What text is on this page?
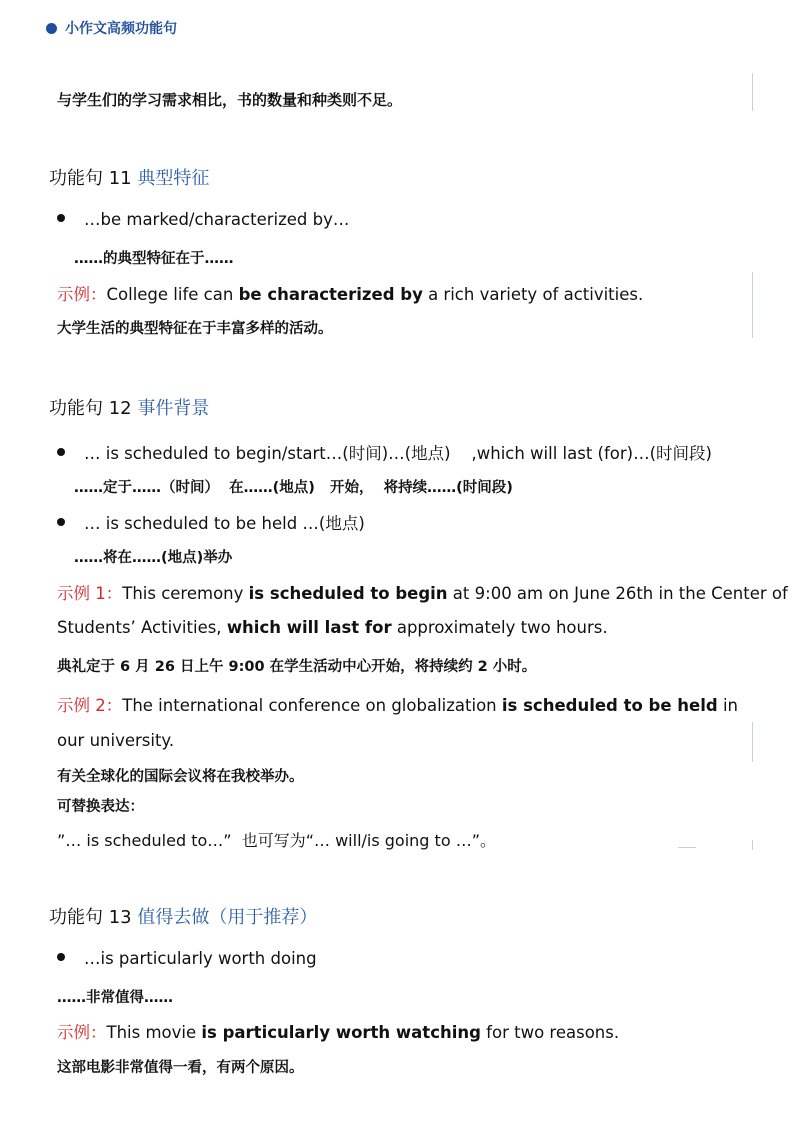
小作文高频功能句
与学生们的学习需求相比，书的数量和种类则不足。
功能句 11 典型特征
…be marked/characterized by…
……的典型特征在于……
示例：College life can be characterized by a rich variety of activities.
大学生活的典型特征在于丰富多样的活动。
功能句 12 事件背景
… is scheduled to begin/start…(时间)…(地点)    ,which will last (for)…(时间段)
……定于……（时间）  在……(地点)   开始，  将持续……(时间段)
… is scheduled to be held …(地点)
……将在……(地点)举办
示例 1：This ceremony is scheduled to begin at 9:00 am on June 26th in the Center of
Students’ Activities, which will last for approximately two hours.
典礼定于 6 月 26 日上午 9:00 在学生活动中心开始，将持续约 2 小时。
示例 2：The international conference on globalization is scheduled to be held in
our university.
有关全球化的国际会议将在我校举办。
可替换表达：
”… is scheduled to…”  也可写为“… will/is going to …”。
功能句 13 值得去做（用于推荐）
…is particularly worth doing
……非常值得……
示例：This movie is particularly worth watching for two reasons.
这部电影非常值得一看，有两个原因。
